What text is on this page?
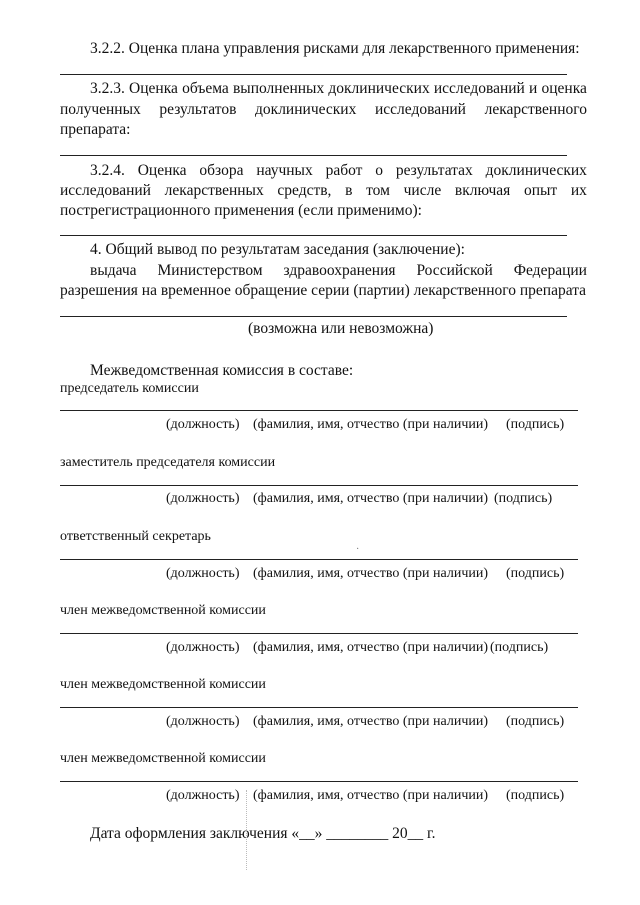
3.2.2. Оценка плана управления рисками для лекарственного применения:
3.2.3. Оценка объема выполненных доклинических исследований и оценка
полученных результатов доклинических исследований лекарственного
препарата:
3.2.4. Оценка обзора научных работ о результатах доклинических
исследований лекарственных средств, в том числе включая опыт их
пострегистрационного применения (если применимо):
4. Общий вывод по результатам заседания (заключение):
выдача Министерством здравоохранения Российской Федерации
разрешения на временное обращение серии (партии) лекарственного препарата
(возможна или невозможна)
Межведомственная комиссия в составе:
председатель комиссии
(должность) (фамилия, имя, отчество (при наличии) (подпись)
заместитель председателя комиссии
(должность) (фамилия, имя, отчество (при наличии) (подпись)
ответственный секретарь
·
(должность) (фамилия, имя, отчество (при наличии) (подпись)
член межведомственной комиссии
(должность) (фамилия, имя, отчество (при наличии) (подпись)
член межведомственной комиссии
(должность) (фамилия, имя, отчество (при наличии) (подпись)
член межведомственной комиссии
(должность) (фамилия, имя, отчество (при наличии) (подпись)
Дата оформления заключения «__» ________ 20__ г.
